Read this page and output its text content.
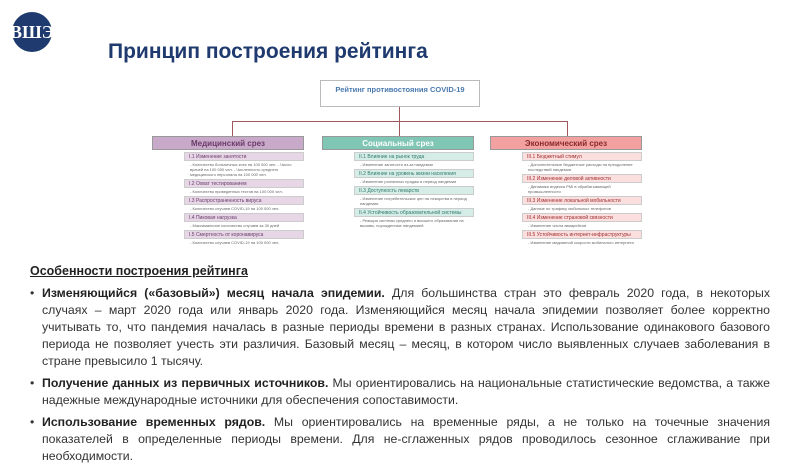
ВШЭ
Принцип построения рейтинга
Рейтинг противостояния COVID-19
Медицинский срез
I.1 Изменение занятости
- Количество больничных коек на 100 000 чел. - Число врачей на 100 000 чел. - Численность среднего медицинского персонала на 100 000 чел.
I.2 Охват тестированием
- Количество проведенных тестов на 100 000 чел.
I.3 Распространенность вируса
- Количество случаев COVID-19 на 100 000 чел.
I.4 Пиковая нагрузка
- Максимальное количество случаев за 30 дней
I.5 Смертность от коронавируса
- Количество случаев COVID-19 на 100 000 чел.
Социальный срез
II.1 Влияние на рынок труда
- Изменение занятости из-за пандемии
II.2 Влияние на уровень жизни населения
- Изменение розничных продаж в период пандемии
II.3 Доступность лекарств
- Изменение потребительских цен на лекарства в период пандемии
II.4 Устойчивость образовательной системы
- Реакция системы среднего и высшего образования на вызовы, порожденные пандемией
Экономический срез
III.1 Бюджетный стимул
- Дополнительные бюджетные расходы на преодоление последствий пандемии
III.2 Изменение деловой активности
- Динамика индекса PMI в обрабатывающей промышленности
III.3 Изменение локальной мобильности
- Данные по трафику мобильных телефонов
III.4 Изменение страновой связности
- Изменение числа авиарейсов
III.5 Устойчивость интернет-инфраструктуры
- Изменение медианной скорости мобильного интернета
Особенности построения рейтинга

• Изменяющийся («базовый») месяц начала эпидемии. Для большинства стран это февраль 2020 года, в некоторых случаях – март 2020 года или январь 2020 года. Изменяющийся месяц начала эпидемии позволяет более корректно учитывать то, что пандемия началась в разные периоды времени в разных странах. Использование одинакового базового периода не позволяет учесть эти различия. Базовый месяц – месяц, в котором число выявленных случаев заболевания в стране превысило 1 тысячу.

• Получение данных из первичных источников. Мы ориентировались на национальные статистические ведомства, а также надежные международные источники для обеспечения сопоставимости.

• Использование временных рядов. Мы ориентировались на временные ряды, а не только на точечные значения показателей в определенные периоды времени. Для не-сглаженных рядов проводилось сезонное сглаживание при необходимости.
